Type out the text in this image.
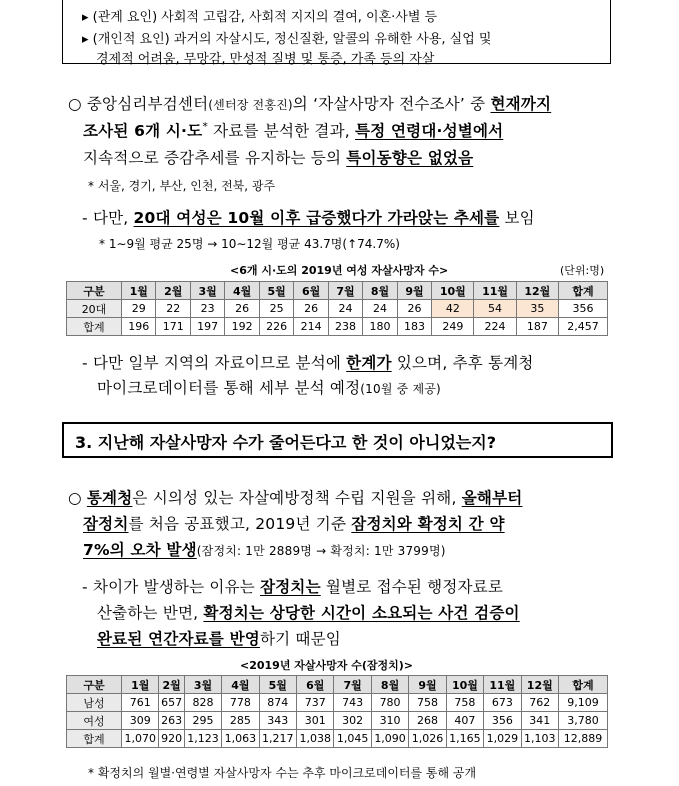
▸ (관계 요인) 사회적 고립감, 사회적 지지의 결여, 이혼·사별 등
▸ (개인적 요인) 과거의 자살시도, 정신질환, 알콜의 유해한 사용, 실업 및
경제적 어려움, 무망감, 만성적 질병 및 통증, 가족 등의 자살
○ 중앙심리부검센터(센터장 전홍진)의 ‘자살사망자 전수조사’ 중 현재까지
조사된 6개 시·도* 자료를 분석한 결과, 특정 연령대·성별에서
지속적으로 증감추세를 유지하는 등의 특이동향은 없었음
* 서울, 경기, 부산, 인천, 전북, 광주
- 다만, 20대 여성은 10월 이후 급증했다가 가라앉는 추세를 보임
* 1∼9월 평균 25명 → 10∼12월 평균 43.7명(↑74.7%)
<6개 시·도의 2019년 여성 자살사망자 수>	(단위:명)
구분	1월	2월	3월	4월	5월	6월	7월	8월	9월	10월	11월	12월	합계
20대	29	22	23	26	25	26	24	24	26	42	54	35	356
합계	196	171	197	192	226	214	238	180	183	249	224	187	2,457
- 다만 일부 지역의 자료이므로 분석에 한계가 있으며, 추후 통계청
마이크로데이터를 통해 세부 분석 예정(10월 중 제공)
3. 지난해 자살사망자 수가 줄어든다고 한 것이 아니었는지?
○ 통계청은 시의성 있는 자살예방정책 수립 지원을 위해, 올해부터
잠정치를 처음 공표했고, 2019년 기준 잠정치와 확정치 간 약
7%의 오차 발생(잠정치: 1만 2889명 → 확정치: 1만 3799명)
- 차이가 발생하는 이유는 잠정치는 월별로 접수된 행정자료로
산출하는 반면, 확정치는 상당한 시간이 소요되는 사건 검증이
완료된 연간자료를 반영하기 때문임
<2019년 자살사망자 수(잠정치)>
구분	1월	2월	3월	4월	5월	6월	7월	8월	9월	10월	11월	12월	합계
남성	761	657	828	778	874	737	743	780	758	758	673	762	9,109
여성	309	263	295	285	343	301	302	310	268	407	356	341	3,780
합계	1,070	920	1,123	1,063	1,217	1,038	1,045	1,090	1,026	1,165	1,029	1,103	12,889
* 확정치의 월별·연령별 자살사망자 수는 추후 마이크로데이터를 통해 공개
